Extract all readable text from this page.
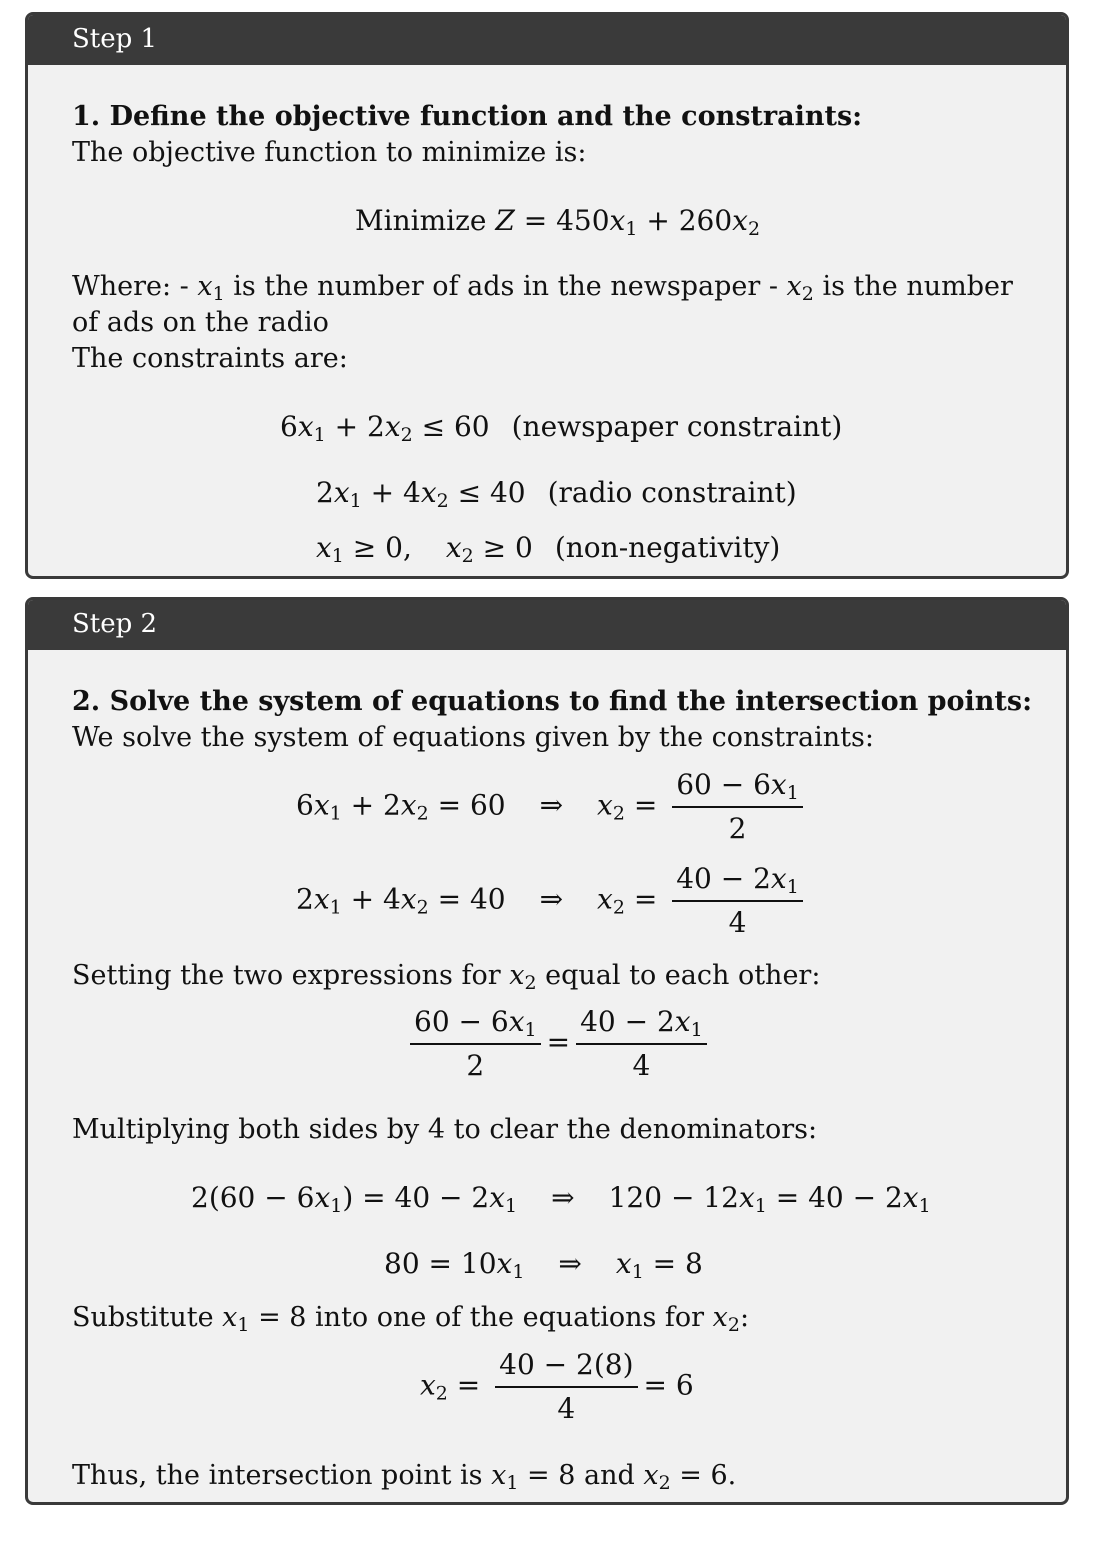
Step 1
1. Define the objective function and the constraints:
The objective function to minimize is:
Minimize $Z = 450x_1 + 260x_2$
Where: - $x_1$ is the number of ads in the newspaper - $x_2$ is the number of ads on the radio
The constraints are:
$6x_1 + 2x_2 \le 60$ (newspaper constraint)
$2x_1 + 4x_2 \le 40$ (radio constraint)
$x_1 \ge 0$, $x_2 \ge 0$ (non-negativity)
Step 2
2. Solve the system of equations to find the intersection points:
We solve the system of equations given by the constraints:
$6x_1 + 2x_2 = 60$ ⇒ $x_2 = \frac{60 - 6x_1}{2}$
$2x_1 + 4x_2 = 40$ ⇒ $x_2 = \frac{40 - 2x_1}{4}$
Setting the two expressions for $x_2$ equal to each other:
$\frac{60 - 6x_1}{2} = \frac{40 - 2x_1}{4}$
Multiplying both sides by 4 to clear the denominators:
$2(60 - 6x_1) = 40 - 2x_1$ ⇒ $120 - 12x_1 = 40 - 2x_1$
$80 = 10x_1$ ⇒ $x_1 = 8$
Substitute $x_1 = 8$ into one of the equations for $x_2$:
$x_2 = \frac{40 - 2(8)}{4} = 6$
Thus, the intersection point is $x_1 = 8$ and $x_2 = 6$.
